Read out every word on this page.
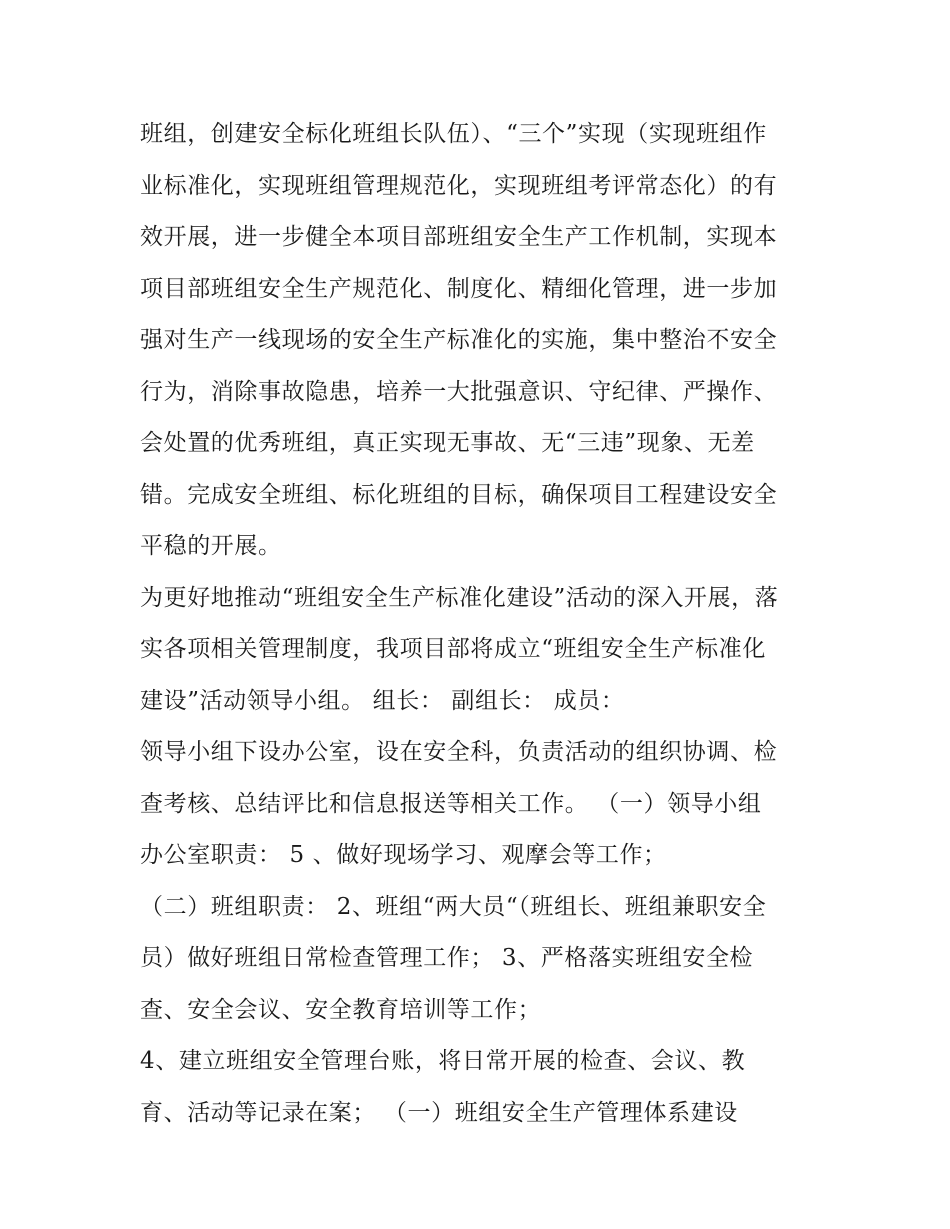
班组，创建安全标化班组长队伍）、“三个”实现（实现班组作
业标准化，实现班组管理规范化，实现班组考评常态化）的有
效开展，进一步健全本项目部班组安全生产工作机制，实现本
项目部班组安全生产规范化、制度化、精细化管理，进一步加
强对生产一线现场的安全生产标准化的实施，集中整治不安全
行为，消除事故隐患，培养一大批强意识、守纪律、严操作、
会处置的优秀班组，真正实现无事故、无“三违”现象、无差
错。完成安全班组、标化班组的目标，确保项目工程建设安全
平稳的开展。
为更好地推动“班组安全生产标准化建设”活动的深入开展，落
实各项相关管理制度，我项目部将成立“班组安全生产标准化
建设”活动领导小组。 组长： 副组长： 成员：
领导小组下设办公室，设在安全科，负责活动的组织协调、检
查考核、总结评比和信息报送等相关工作。 （一）领导小组
办公室职责： 5 、做好现场学习、观摩会等工作；
（二）班组职责： 2、班组“两大员“（班组长、班组兼职安全
员）做好班组日常检查管理工作； 3、严格落实班组安全检
查、安全会议、安全教育培训等工作；
4、建立班组安全管理台账，将日常开展的检查、会议、教
育、活动等记录在案； （一）班组安全生产管理体系建设
